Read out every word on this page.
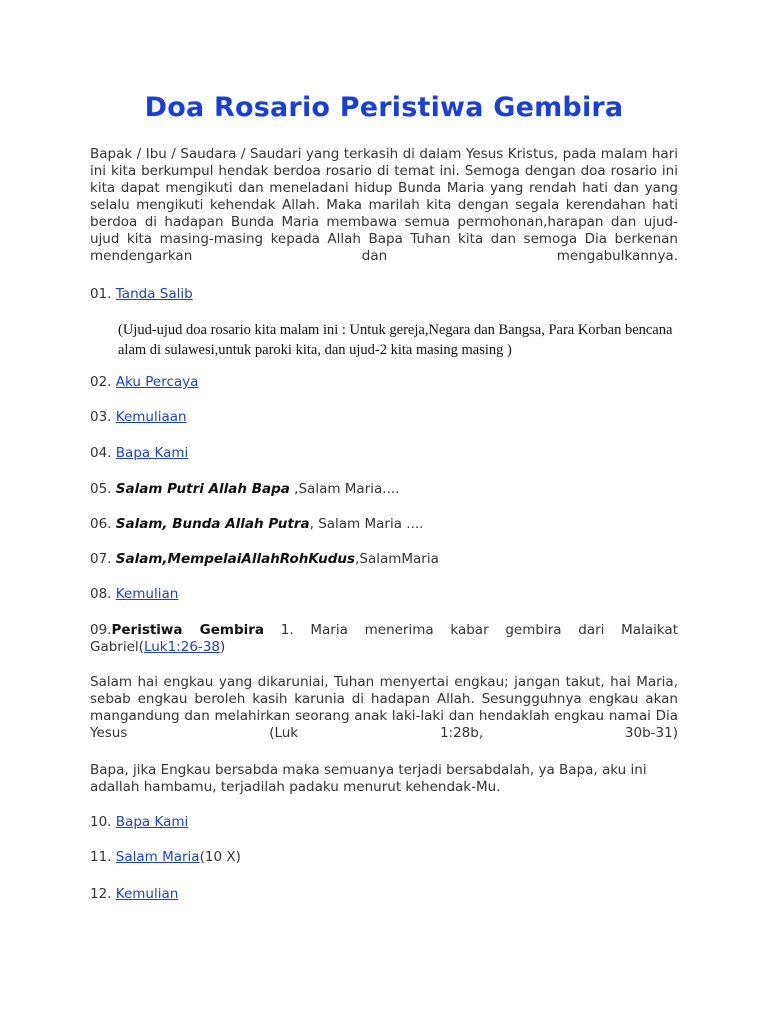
Doa Rosario Peristiwa Gembira
Bapak / Ibu / Saudara / Saudari yang terkasih di dalam Yesus Kristus, pada malam hari ini kita berkumpul hendak berdoa rosario di temat ini. Semoga dengan doa rosario ini kita dapat mengikuti dan meneladani hidup Bunda Maria yang rendah hati dan yang selalu mengikuti kehendak Allah. Maka marilah kita dengan segala kerendahan hati berdoa di hadapan Bunda Maria membawa semua permohonan,harapan dan ujud-ujud kita masing-masing kepada Allah Bapa Tuhan kita dan semoga Dia berkenan mendengarkan dan mengabulkannya.
01. Tanda Salib
(Ujud-ujud doa rosario kita malam ini : Untuk gereja,Negara dan Bangsa, Para Korban bencana alam di sulawesi,untuk paroki kita, dan ujud-2 kita masing masing )
02. Aku Percaya
03. Kemuliaan
04. Bapa Kami
05. Salam Putri Allah Bapa ,Salam Maria....
06. Salam, Bunda Allah Putra, Salam Maria ....
07. Salam,MempelaiAllahRohKudus,SalamMaria
08. Kemulian
09.Peristiwa Gembira 1. Maria menerima kabar gembira dari Malaikat Gabriel(Luk1:26-38)
Salam hai engkau yang dikaruniai, Tuhan menyertai engkau; jangan takut, hai Maria, sebab engkau beroleh kasih karunia di hadapan Allah. Sesungguhnya engkau akan mangandung dan melahirkan seorang anak laki-laki dan hendaklah engkau namai Dia Yesus (Luk 1:28b, 30b-31)
Bapa, jika Engkau bersabda maka semuanya terjadi bersabdalah, ya Bapa, aku ini adallah hambamu, terjadilah padaku menurut kehendak-Mu.
10. Bapa Kami
11. Salam Maria(10 X)
12. Kemulian
